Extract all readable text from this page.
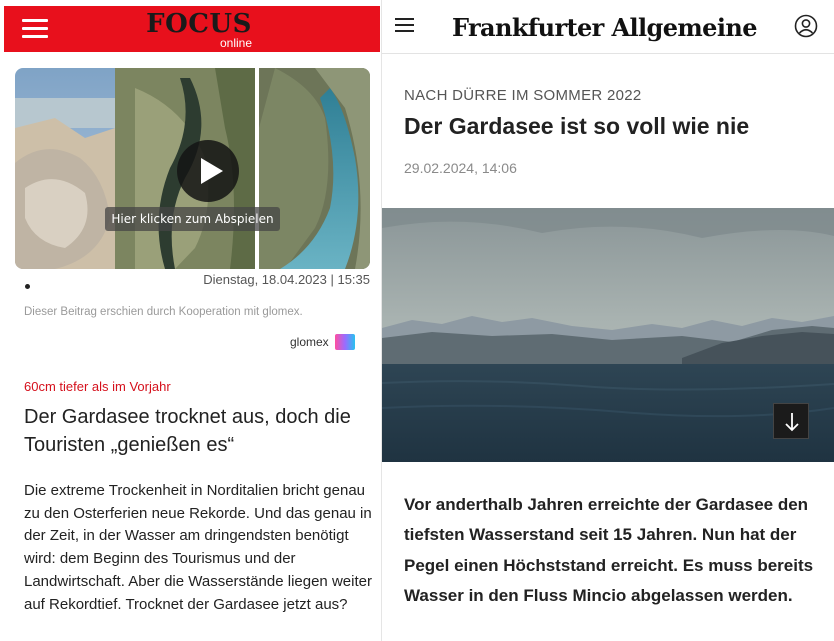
FOCUS
online
Hier klicken zum Abspielen
Dienstag, 18.04.2023 | 15:35
Dieser Beitrag erschien durch Kooperation mit glomex.
glomex
60cm tiefer als im Vorjahr
Der Gardasee trocknet aus, doch die Touristen „genießen es“
Die extreme Trockenheit in Norditalien bricht genau zu den Osterferien neue Rekorde. Und das genau in der Zeit, in der Wasser am dringendsten benötigt wird: dem Beginn des Tourismus und der Landwirtschaft. Aber die Wasserstände liegen weiter auf Rekordtief. Trocknet der Gardasee jetzt aus?
Frankfurter Allgemeine
NACH DÜRRE IM SOMMER 2022
Der Gardasee ist so voll wie nie
29.02.2024, 14:06
Vor anderthalb Jahren erreichte der Gardasee den tiefsten Wasserstand seit 15 Jahren. Nun hat der Pegel einen Höchststand erreicht. Es muss bereits Wasser in den Fluss Mincio abgelassen werden.
